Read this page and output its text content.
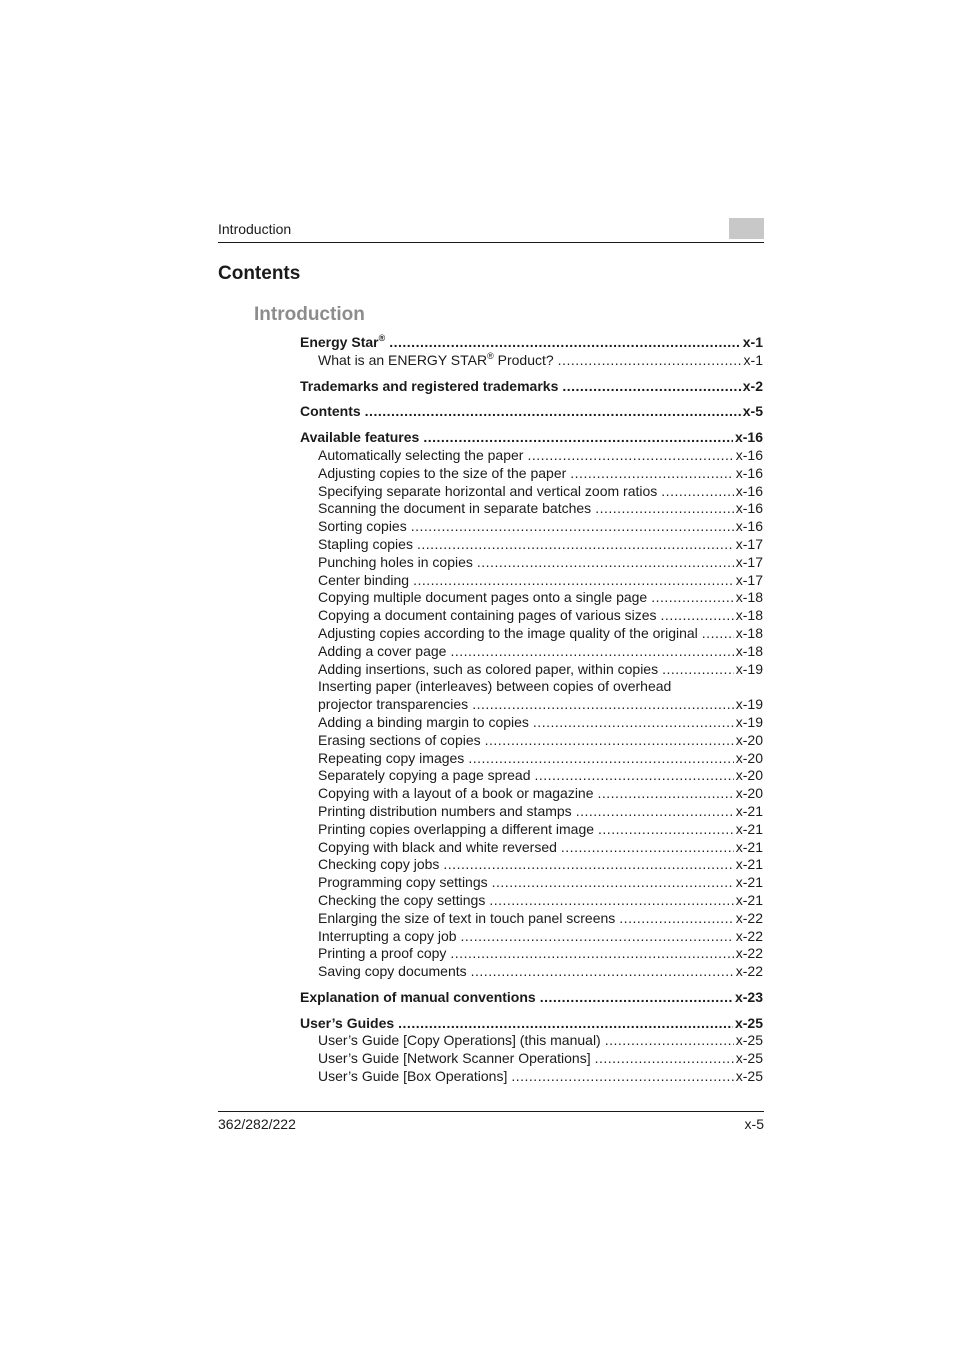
Introduction
Contents
Introduction
Energy Star® .....	x-1
What is an ENERGY STAR® Product? .....	x-1
Trademarks and registered trademarks .....	x-2
Contents .....	x-5
Available features .....	x-16
Automatically selecting the paper .....	x-16
Adjusting copies to the size of the paper .....	x-16
Specifying separate horizontal and vertical zoom ratios .....	x-16
Scanning the document in separate batches .....	x-16
Sorting copies .....	x-16
Stapling copies .....	x-17
Punching holes in copies .....	x-17
Center binding .....	x-17
Copying multiple document pages onto a single page .....	x-18
Copying a document containing pages of various sizes .....	x-18
Adjusting copies according to the image quality of the original .....	x-18
Adding a cover page .....	x-18
Adding insertions, such as colored paper, within copies .....	x-19
Inserting paper (interleaves) between copies of overhead
projector transparencies .....	x-19
Adding a binding margin to copies .....	x-19
Erasing sections of copies .....	x-20
Repeating copy images .....	x-20
Separately copying a page spread .....	x-20
Copying with a layout of a book or magazine .....	x-20
Printing distribution numbers and stamps .....	x-21
Printing copies overlapping a different image .....	x-21
Copying with black and white reversed .....	x-21
Checking copy jobs .....	x-21
Programming copy settings .....	x-21
Checking the copy settings .....	x-21
Enlarging the size of text in touch panel screens .....	x-22
Interrupting a copy job .....	x-22
Printing a proof copy .....	x-22
Saving copy documents .....	x-22
Explanation of manual conventions .....	x-23
User’s Guides .....	x-25
User’s Guide [Copy Operations] (this manual) .....	x-25
User’s Guide [Network Scanner Operations] .....	x-25
User’s Guide [Box Operations] .....	x-25
362/282/222	x-5
